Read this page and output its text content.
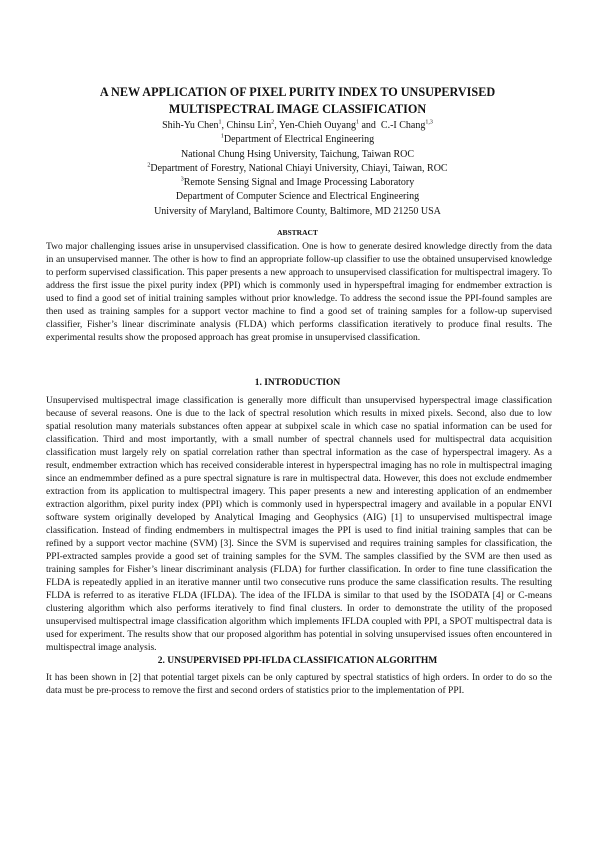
A NEW APPLICATION OF PIXEL PURITY INDEX TO UNSUPERVISED
MULTISPECTRAL IMAGE CLASSIFICATION
Shih-Yu Chen$^1$, Chinsu Lin$^2$, Yen-Chieh Ouyang$^1$ and C.-I Chang$^{1,3}$
$^1$Department of Electrical Engineering
National Chung Hsing University, Taichung, Taiwan ROC
$^2$Department of Forestry, National Chiayi University, Chiayi, Taiwan, ROC
$^3$Remote Sensing Signal and Image Processing Laboratory
Department of Computer Science and Electrical Engineering
University of Maryland, Baltimore County, Baltimore, MD 21250 USA
ABSTRACT

Two major challenging issues arise in unsupervised classification. One is how to generate desired knowledge directly from the data in an unsupervised manner. The other is how to find an appropriate follow-up classifier to use the obtained unsupervised knowledge to perform supervised classification. This paper presents a new approach to unsupervised classification for multispectral imagery. To address the first issue the pixel purity index (PPI) which is commonly used in hyperspeftral imaging for endmember extraction is used to find a good set of initial training samples without prior knowledge. To address the second issue the PPI-found samples are then used as training samples for a support vector machine to find a good set of training samples for a follow-up supervised classifier, Fisher’s linear discriminate analysis (FLDA) which performs classification iteratively to produce final results. The experimental results show the proposed approach has great promise in unsupervised classification.

1. INTRODUCTION

Unsupervised multispectral image classification is generally more difficult than unsupervised hyperspectral image classification because of several reasons. One is due to the lack of spectral resolution which results in mixed pixels. Second, also due to low spatial resolution many materials substances often appear at subpixel scale in which case no spatial information can be used for classification. Third and most importantly, with a small number of spectral channels used for multispectral data acquisition classification must largely rely on spatial correlation rather than spectral information as the case of hyperspectral imagery. As a result, endmember extraction which has received considerable interest in hyperspectral imaging has no role in multispectral imaging since an endmemmber defined as a pure spectral signature is rare in multispectral data. However, this does not exclude endmember extraction from its application to multispectral imagery. This paper presents a new and interesting application of an endmember extraction algorithm, pixel purity index (PPI) which is commonly used in hyperspectral imagery and available in a popular ENVI software system originally developed by Analytical Imaging and Geophysics (AIG) [1] to unsupervised multispectral image classification. Instead of finding endmembers in multispectral images the PPI is used to find initial training samples that can be refined by a support vector machine (SVM) [3]. Since the SVM is supervised and requires training samples for classification, the PPI-extracted samples provide a good set of training samples for the SVM. The samples classified by the SVM are then used as training samples for Fisher’s linear discriminant analysis (FLDA) for further classification. In order to fine tune classification the FLDA is repeatedly applied in an iterative manner until two consecutive runs produce the same classification results. The resulting FLDA is referred to as iterative FLDA (IFLDA). The idea of the IFLDA is similar to that used by the ISODATA [4] or C-means clustering algorithm which also performs iteratively to find final clusters. In order to demonstrate the utility of the proposed unsupervised multispectral image classification algorithm which implements IFLDA coupled with PPI, a SPOT multispectral data is used for experiment. The results show that our proposed algorithm has potential in solving unsupervised issues often encountered in multispectral image analysis.

2. UNSUPERVISED PPI-IFLDA CLASSIFICATION ALGORITHM

It has been shown in [2] that potential target pixels can be only captured by spectral statistics of high orders. In order to do so the data must be pre-process to remove the first and second orders of statistics prior to the implementation of PPI.
